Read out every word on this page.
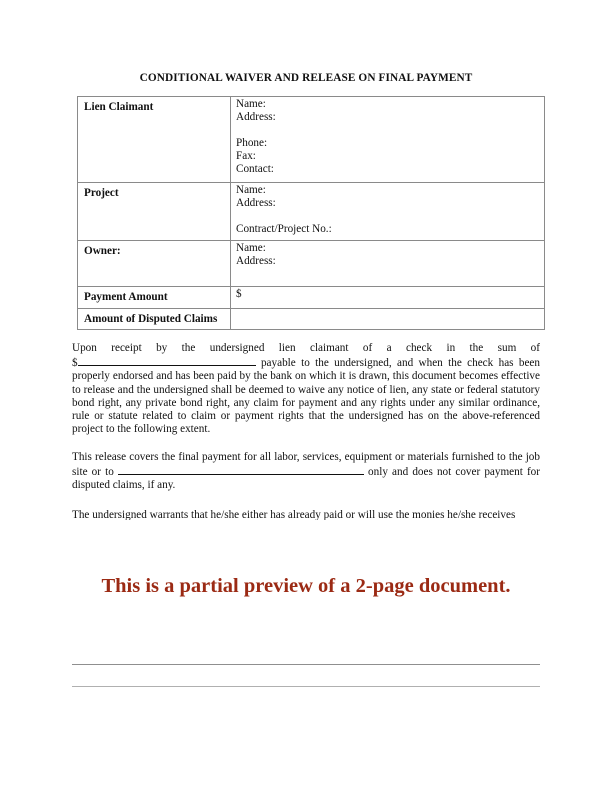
CONDITIONAL WAIVER AND RELEASE ON FINAL PAYMENT
Lien Claimant	Name:
Address:
Phone:
Fax:
Contact:

Project	Name:
Address:
Contract/Project No.:

Owner:	Name:
Address:

Payment Amount	$
Amount of Disputed Claims	
Upon receipt by the undersigned lien claimant of a check in the sum of
$	payable to the undersigned, and when the check has been properly endorsed and has been paid by the bank on which it is drawn, this document becomes effective to release and the undersigned shall be deemed to waive any notice of lien, any state or federal statutory bond right, any private bond right, any claim for payment and any rights under any similar ordinance, rule or statute related to claim or payment rights that the undersigned has on the above-referenced project to the following extent.
This release covers the final payment for all labor, services, equipment or materials furnished to the job site or to	only and does not cover payment for disputed claims, if any.
The undersigned warrants that he/she either has already paid or will use the monies he/she receives
This is a partial preview of a 2-page document.
